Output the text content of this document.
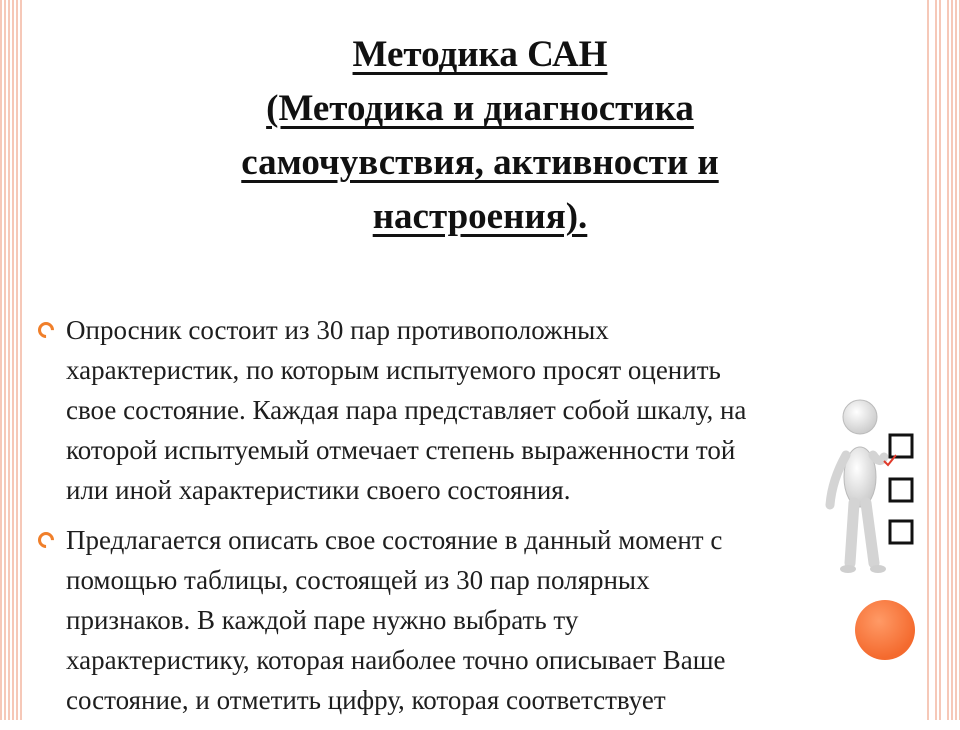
Методика САН
(Методика и диагностика
самочувствия, активности и
настроения).
Опросник состоит из 30 пар противоположных
характеристик, по которым испытуемого просят оценить
свое состояние. Каждая пара представляет собой шкалу, на
которой испытуемый отмечает степень выраженности той
или иной характеристики своего состояния.
Предлагается описать свое состояние в данный момент с
помощью таблицы, состоящей из 30 пар полярных
признаков. В каждой паре нужно выбрать ту
характеристику, которая наиболее точно описывает Ваше
состояние, и отметить цифру, которая соответствует
